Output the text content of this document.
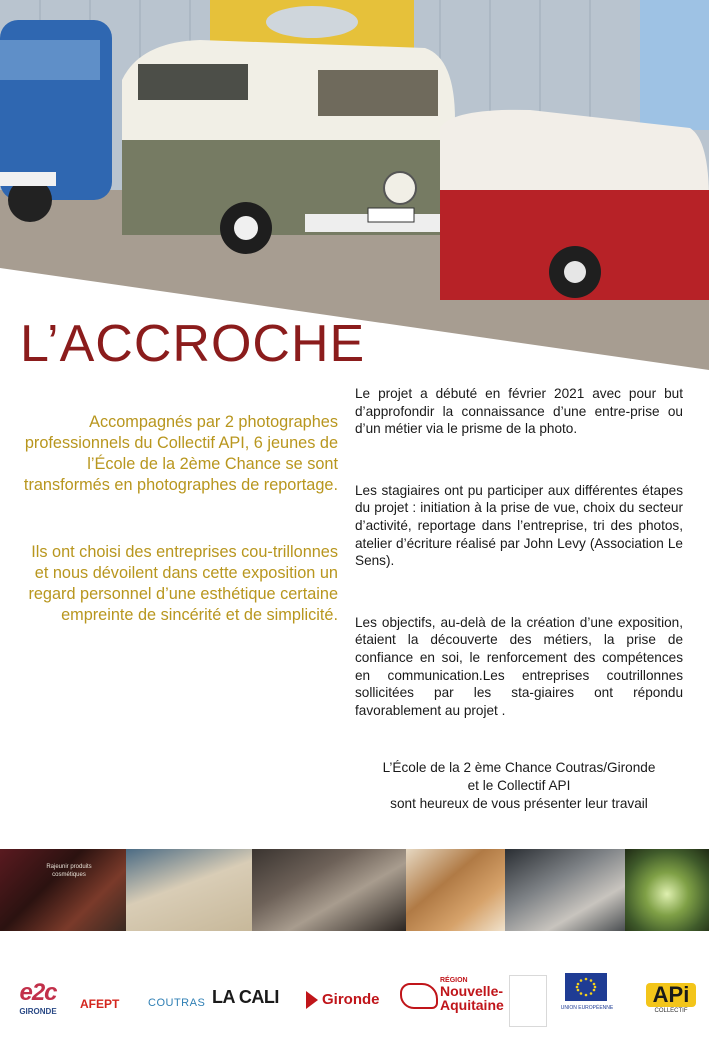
L’ACCROCHE

Accompagnés par 2 photographes professionnels du Collectif API, 6 jeunes de l’École de la 2ème Chance se sont transformés en photographes de reportage.

Ils ont choisi des entreprises cou-trillonnes et nous dévoilent dans cette exposition un regard personnel d’une esthétique certaine empreinte de sincérité et de simplicité.

Le projet a débuté en février 2021 avec pour but d’approfondir la connaissance d’une entre-prise ou d’un métier via le prisme de la photo.

Les stagiaires ont pu participer aux différentes étapes du projet : initiation à la prise de vue, choix du secteur d’activité, reportage dans l’entreprise, tri des photos, atelier d’écriture réalisé par John Levy (Association Le Sens).

Les objectifs, au-delà de la création d’une exposition, étaient la découverte des métiers, la prise de confiance en soi, le renforcement des compétences en communication.Les entreprises coutrillonnes sollicitées par les sta-giaires ont répondu favorablement au projet .

L’École de la 2 ème Chance Coutras/Gironde
et le Collectif API
sont heureux de vous présenter leur travail
Rajeunir produits cosmétiques
e2c
GIRONDE
AFEPT	COUTRAS LA CALI	Gironde
RÉGION
Nouvelle-
Aquitaine	UNION EUROPÉENNE
APi
COLLECTIF
